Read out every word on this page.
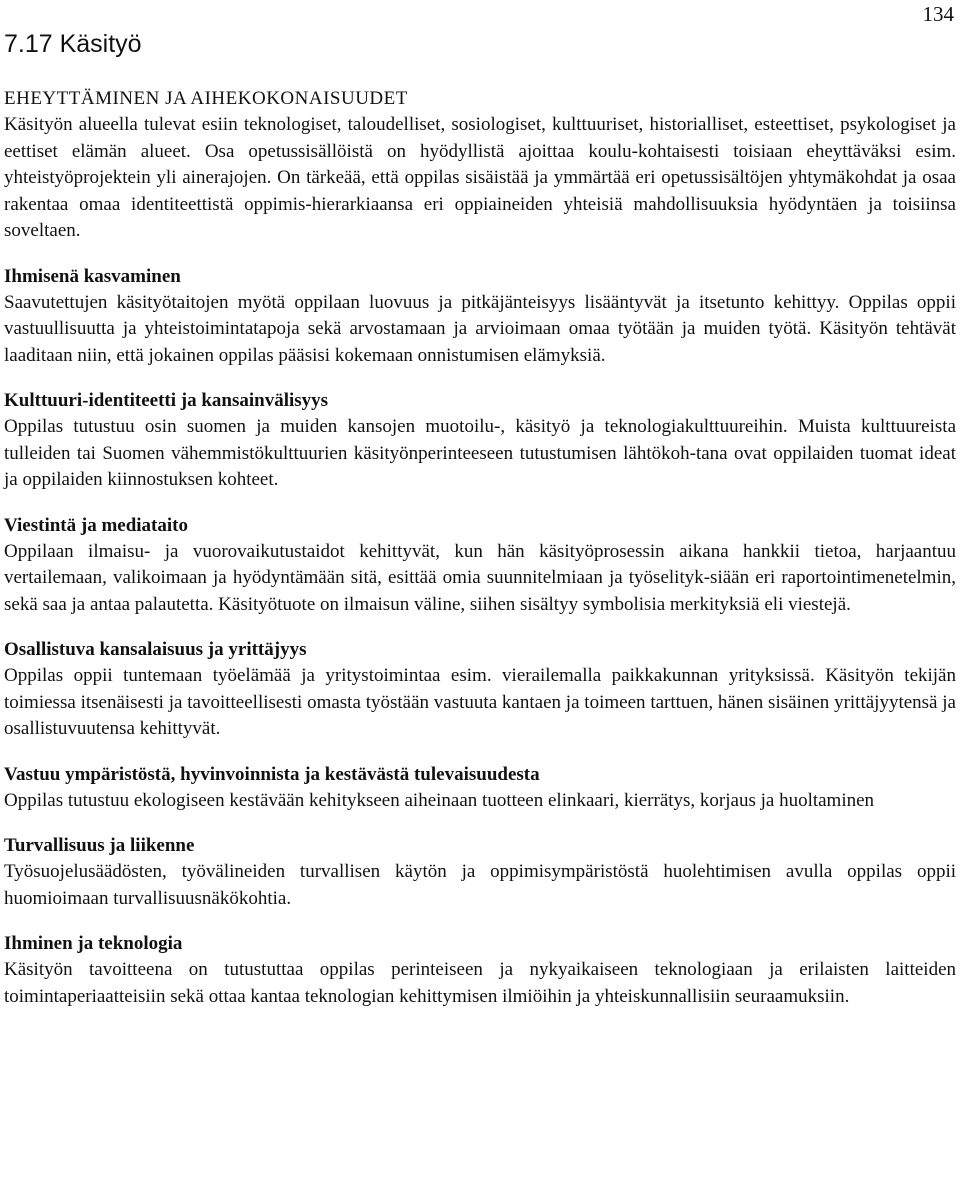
134
7.17 Käsityö
EHEYTTÄMINEN JA AIHEKOKONAISUUDET

Käsityön alueella tulevat esiin teknologiset, taloudelliset, sosiologiset, kulttuuriset, historialliset, esteettiset, psykologiset ja eettiset elämän alueet. Osa opetussisällöistä on hyödyllistä ajoittaa koulu-kohtaisesti toisiaan eheyttäväksi esim. yhteistyöprojektein yli ainerajojen. On tärkeää, että oppilas sisäistää ja ymmärtää eri opetussisältöjen yhtymäkohdat ja osaa rakentaa omaa identiteettistä oppimis-hierarkiaansa eri oppiaineiden yhteisiä mahdollisuuksia hyödyntäen ja toisiinsa soveltaen.

Ihmisenä kasvaminen

Saavutettujen käsityötaitojen myötä oppilaan luovuus ja pitkäjänteisyys lisääntyvät ja itsetunto kehittyy. Oppilas oppii vastuullisuutta ja yhteistoimintatapoja sekä arvostamaan ja arvioimaan omaa työtään ja muiden työtä. Käsityön tehtävät laaditaan niin, että jokainen oppilas pääsisi kokemaan onnistumisen elämyksiä.

Kulttuuri-identiteetti ja kansainvälisyys

Oppilas tutustuu osin suomen ja muiden kansojen muotoilu-, käsityö ja teknologiakulttuureihin. Muista kulttuureista tulleiden tai Suomen vähemmistökulttuurien käsityönperinteeseen tutustumisen lähtökoh-tana ovat oppilaiden tuomat ideat ja oppilaiden kiinnostuksen kohteet.

Viestintä ja mediataito

Oppilaan ilmaisu- ja vuorovaikutustaidot kehittyvät, kun hän käsityöprosessin aikana hankkii tietoa, harjaantuu vertailemaan, valikoimaan ja hyödyntämään sitä, esittää omia suunnitelmiaan ja työselityk-siään eri raportointimenetelmin, sekä saa ja antaa palautetta. Käsityötuote on ilmaisun väline, siihen sisältyy symbolisia merkityksiä eli viestejä.

Osallistuva kansalaisuus ja yrittäjyys

Oppilas oppii tuntemaan työelämää ja yritystoimintaa esim. vierailemalla paikkakunnan yrityksissä. Käsityön tekijän toimiessa itsenäisesti ja tavoitteellisesti omasta työstään vastuuta kantaen ja toimeen tarttuen, hänen sisäinen yrittäjyytensä ja osallistuvuutensa kehittyvät.

Vastuu ympäristöstä, hyvinvoinnista ja kestävästä tulevaisuudesta

Oppilas tutustuu ekologiseen kestävään kehitykseen aiheinaan tuotteen elinkaari, kierrätys, korjaus ja huoltaminen

Turvallisuus ja liikenne

Työsuojelusäädösten, työvälineiden turvallisen käytön ja oppimisympäristöstä huolehtimisen avulla oppilas oppii huomioimaan turvallisuusnäkökohtia.

Ihminen ja teknologia

Käsityön tavoitteena on tutustuttaa oppilas perinteiseen ja nykyaikaiseen teknologiaan ja erilaisten laitteiden toimintaperiaatteisiin sekä ottaa kantaa teknologian kehittymisen ilmiöihin ja yhteiskunnallisiin seuraamuksiin.
